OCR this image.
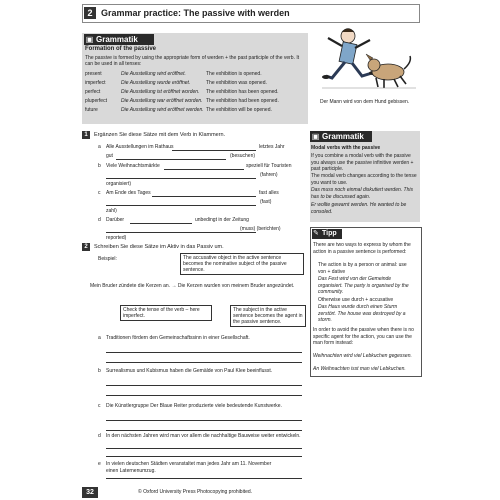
2 Grammar practice: The passive with werden
▣ Grammatik
Formation of the passive
The passive is formed by using the appropriate form of werden + the past participle of the verb. It can be used in all tenses:
present	Die Ausstellung wird eröffnet.	The exhibition is opened.
imperfect	Die Ausstellung wurde eröffnet.	The exhibition was opened.
perfect	Die Ausstellung ist eröffnet worden. The exhibition has been opened.
pluperfect	Die Ausstellung war eröffnet worden. The exhibition had been opened.
future	Die Ausstellung wird eröffnet werden. The exhibition will be opened.
Der Mann wird von dem Hund gebissen.
1	Ergänzen Sie diese Sätze mit dem Verb in Klammern.
a Alle Ausstellungen im Rathaus	letztes Jahr
gut	(besuchen)
b Viele Weihnachtsmärkte	speziell für Touristen
(fahren)
organisiert)
c Am Ende des Tages	fast alles
(fast)
zahl)
d Darüber	unbedingt in der Zeitung
(muss) (berichten)
reported)
2	Schreiben Sie diese Sätze im Aktiv in das Passiv um.
Beispiel:	The accusative object in the active sentence becomes the nominative subject of the passive sentence.
Mein Bruder zündete die Kerzen an. → Die Kerzen wurden von meinem Bruder angezündet.
Check the tense of the verb – here imperfect.
The subject in the active sentence becomes the agent in the passive sentence.
a Traditionen fördern den Gemeinschaftssinn in einer Gesellschaft.
b Surrealismus und Kubismus haben die Gemälde von Paul Klee beeinflusst.
c Die Künstlergruppe Der Blaue Reiter produzierte viele bedeutende Kunstwerke.
d In den nächsten Jahren wird man vor allem die nachhaltige Bauweise weiter entwickeln.
e In vielen deutschen Städten veranstaltet man jedes Jahr am 11. November
einen Laternenumzug.
▣ Grammatik
Modal verbs with the passive
If you combine a modal verb with the passive you always use the passive infinitive werden + past participle.
The modal verb changes according to the tense you want to use.
Das muss noch einmal diskutiert werden. This has to be discussed again.
Er wollte gewarnt werden. He wanted to be consoled.
✎ Tipp
There are two ways to express by whom the action in a passive sentence is performed:
The action is by a person or animal: use von + dative
Das Fest wird von der Gemeinde organisiert. The party is organised by the community.
Otherwise use durch + accusative
Das Haus wurde durch einen Sturm zerstört. The house was destroyed by a storm.
In order to avoid the passive when there is no specific agent for the action, you can use the man form instead:
Weihnachten wird viel Lebkuchen gegessen.
An Weihnachten isst man viel Lebkuchen.
32	© Oxford University Press Photocopying prohibited.
